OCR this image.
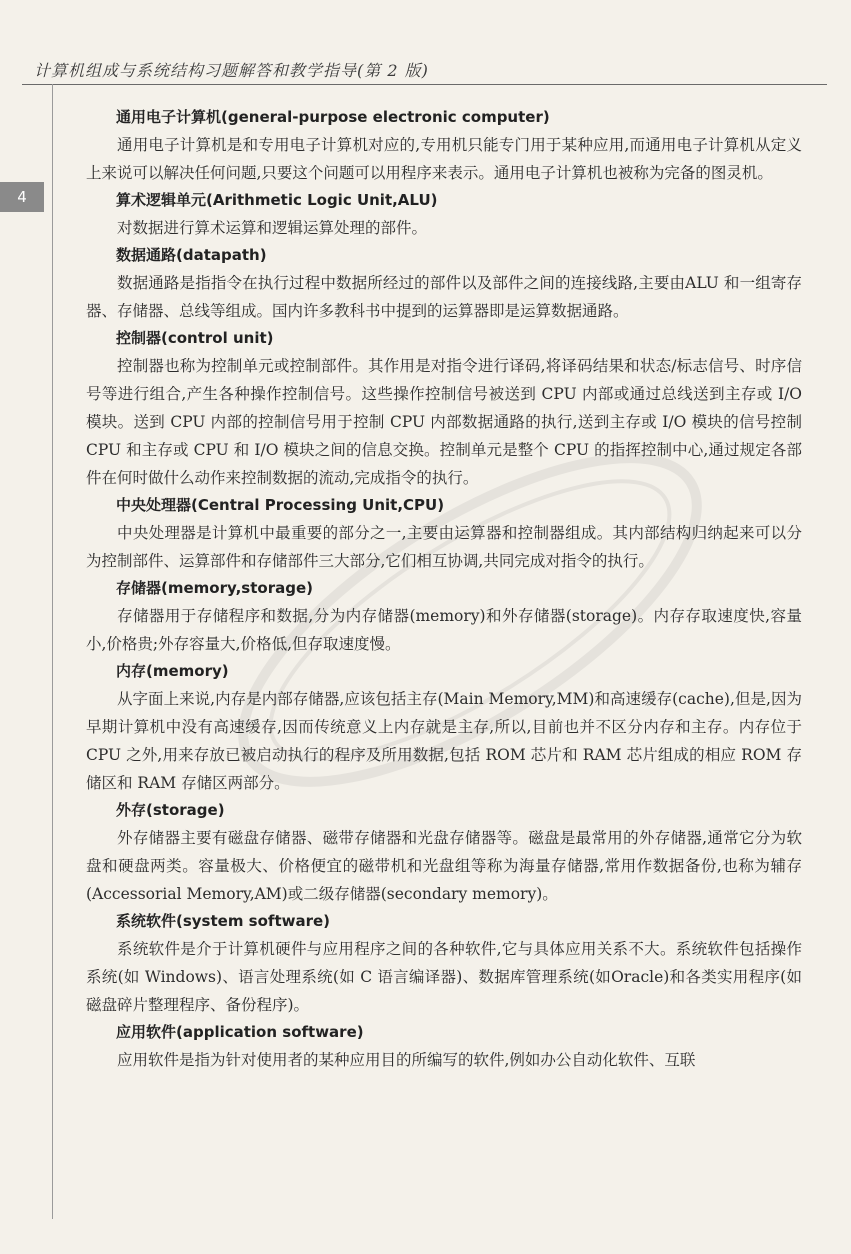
计算机组成与系统结构习题解答和教学指导(第 2 版)
4

通用电子计算机(general-purpose electronic computer)

通用电子计算机是和专用电子计算机对应的,专用机只能专门用于某种应用,而通用电子计算机从定义上来说可以解决任何问题,只要这个问题可以用程序来表示。通用电子计算机也被称为完备的图灵机。

算术逻辑单元(Arithmetic Logic Unit,ALU)

对数据进行算术运算和逻辑运算处理的部件。

数据通路(datapath)

数据通路是指指令在执行过程中数据所经过的部件以及部件之间的连接线路,主要由ALU 和一组寄存器、存储器、总线等组成。国内许多教科书中提到的运算器即是运算数据通路。

控制器(control unit)

控制器也称为控制单元或控制部件。其作用是对指令进行译码,将译码结果和状态/标志信号、时序信号等进行组合,产生各种操作控制信号。这些操作控制信号被送到 CPU 内部或通过总线送到主存或 I/O 模块。送到 CPU 内部的控制信号用于控制 CPU 内部数据通路的执行,送到主存或 I/O 模块的信号控制 CPU 和主存或 CPU 和 I/O 模块之间的信息交换。控制单元是整个 CPU 的指挥控制中心,通过规定各部件在何时做什么动作来控制数据的流动,完成指令的执行。

中央处理器(Central Processing Unit,CPU)

中央处理器是计算机中最重要的部分之一,主要由运算器和控制器组成。其内部结构归纳起来可以分为控制部件、运算部件和存储部件三大部分,它们相互协调,共同完成对指令的执行。

存储器(memory,storage)

存储器用于存储程序和数据,分为内存储器(memory)和外存储器(storage)。内存存取速度快,容量小,价格贵;外存容量大,价格低,但存取速度慢。

内存(memory)

从字面上来说,内存是内部存储器,应该包括主存(Main Memory,MM)和高速缓存(cache),但是,因为早期计算机中没有高速缓存,因而传统意义上内存就是主存,所以,目前也并不区分内存和主存。内存位于 CPU 之外,用来存放已被启动执行的程序及所用数据,包括 ROM 芯片和 RAM 芯片组成的相应 ROM 存储区和 RAM 存储区两部分。

外存(storage)

外存储器主要有磁盘存储器、磁带存储器和光盘存储器等。磁盘是最常用的外存储器,通常它分为软盘和硬盘两类。容量极大、价格便宜的磁带机和光盘组等称为海量存储器,常用作数据备份,也称为辅存(Accessorial Memory,AM)或二级存储器(secondary memory)。

系统软件(system software)

系统软件是介于计算机硬件与应用程序之间的各种软件,它与具体应用关系不大。系统软件包括操作系统(如 Windows)、语言处理系统(如 C 语言编译器)、数据库管理系统(如Oracle)和各类实用程序(如磁盘碎片整理程序、备份程序)。

应用软件(application software)

应用软件是指为针对使用者的某种应用目的所编写的软件,例如办公自动化软件、互联
